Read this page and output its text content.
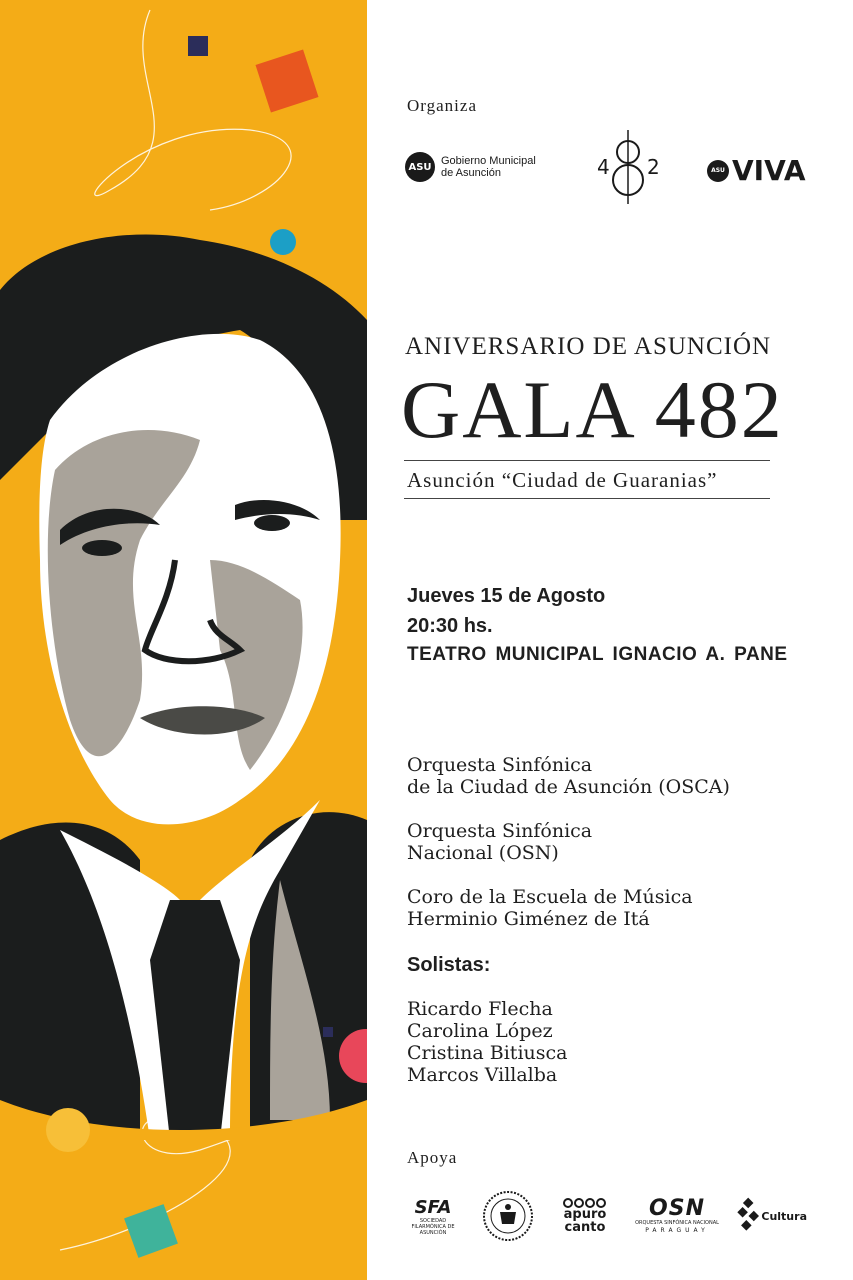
Organiza

ASU Gobierno Municipal
de Asunción	4 2	ASU VIVA

ANIVERSARIO DE ASUNCIÓN

GALA 482

Asunción “Ciudad de Guaranias”

Jueves 15 de Agosto

20:30 hs.

TEATRO MUNICIPAL IGNACIO A. PANE

Orquesta Sinfónica

de la Ciudad de Asunción (OSCA)

Orquesta Sinfónica

Nacional (OSN)

Coro de la Escuela de Música

Herminio Giménez de Itá

Solistas:

Ricardo Flecha

Carolina López

Cristina Bitiusca

Marcos Villalba

Apoya

SFA
SOCIEDAD FILARMÓNICA DE ASUNCIÓN
apuro canto
OSN
ORQUESTA SINFÓNICA NACIONAL
PARAGUAY
Cultura
